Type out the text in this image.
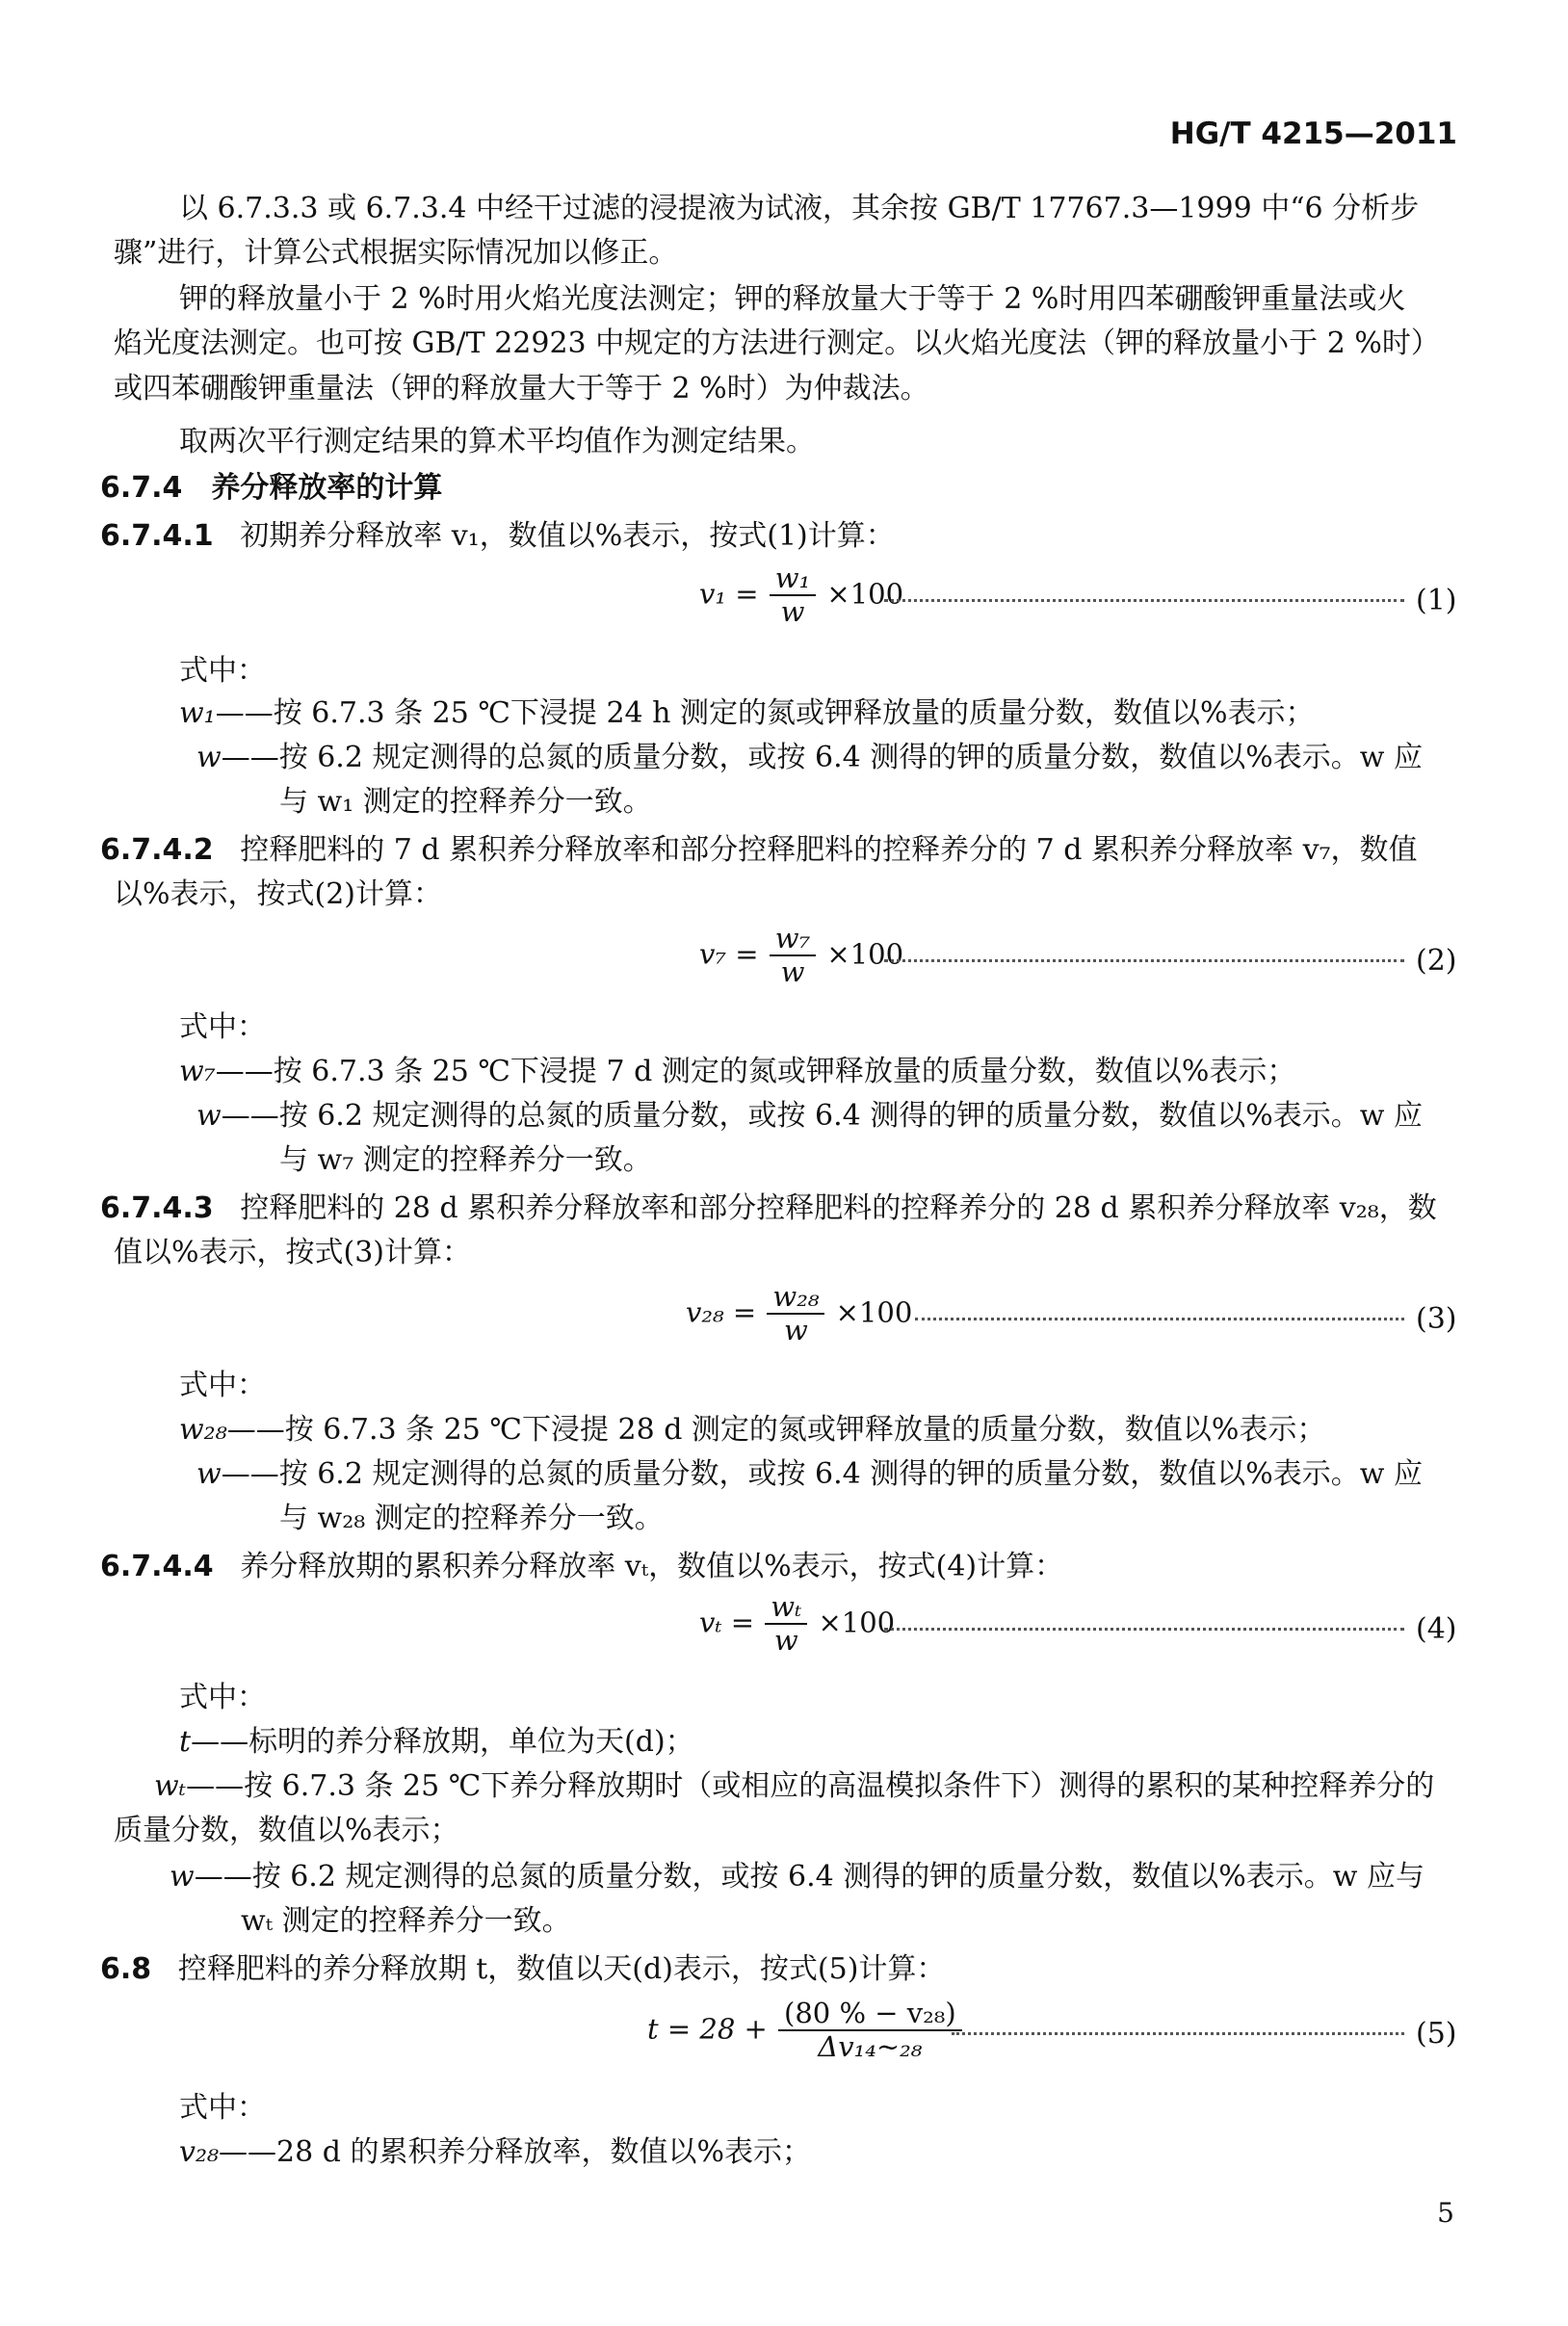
HG/T 4215—2011
以 6.7.3.3 或 6.7.3.4 中经干过滤的浸提液为试液，其余按 GB/T 17767.3—1999 中“6 分析步
骤”进行，计算公式根据实际情况加以修正。
钾的释放量小于 2 %时用火焰光度法测定；钾的释放量大于等于 2 %时用四苯硼酸钾重量法或火
焰光度法测定。也可按 GB/T 22923 中规定的方法进行测定。以火焰光度法（钾的释放量小于 2 %时）
或四苯硼酸钾重量法（钾的释放量大于等于 2 %时）为仲裁法。
取两次平行测定结果的算术平均值作为测定结果。
6.7.4　养分释放率的计算
6.7.4.1 初期养分释放率 v₁，数值以%表示，按式(1)计算：
$v_1 = \frac{\text{w₁}}{w} \times 100$	(1)
式中：
w₁——按 6.7.3 条 25 ℃下浸提 24 h 测定的氮或钾释放量的质量分数，数值以%表示；
w——按 6.2 规定测得的总氮的质量分数，或按 6.4 测得的钾的质量分数，数值以%表示。w 应
与 w₁ 测定的控释养分一致。
6.7.4.2 控释肥料的 7 d 累积养分释放率和部分控释肥料的控释养分的 7 d 累积养分释放率 v₇，数值
以%表示，按式(2)计算：
$v_7 = \frac{\text{w₇}}{w} \times 100$	(2)
式中：
w₇——按 6.7.3 条 25 ℃下浸提 7 d 测定的氮或钾释放量的质量分数，数值以%表示；
w——按 6.2 规定测得的总氮的质量分数，或按 6.4 测得的钾的质量分数，数值以%表示。w 应
与 w₇ 测定的控释养分一致。
6.7.4.3 控释肥料的 28 d 累积养分释放率和部分控释肥料的控释养分的 28 d 累积养分释放率 v₂₈，数
值以%表示，按式(3)计算：
$v_{28} = \frac{\text{w₂₈}}{w} \times 100$	(3)
式中：
w₂₈——按 6.7.3 条 25 ℃下浸提 28 d 测定的氮或钾释放量的质量分数，数值以%表示；
w——按 6.2 规定测得的总氮的质量分数，或按 6.4 测得的钾的质量分数，数值以%表示。w 应
与 w₂₈ 测定的控释养分一致。
6.7.4.4 养分释放期的累积养分释放率 vₜ，数值以%表示，按式(4)计算：
$v_t = \frac{\text{wₜ}}{w} \times 100$	(4)
式中：
t——标明的养分释放期，单位为天(d)；
wₜ——按 6.7.3 条 25 ℃下养分释放期时（或相应的高温模拟条件下）测得的累积的某种控释养分的
质量分数，数值以%表示；
w——按 6.2 规定测得的总氮的质量分数，或按 6.4 测得的钾的质量分数，数值以%表示。w 应与
wₜ 测定的控释养分一致。
6.8 控释肥料的养分释放期 t，数值以天(d)表示，按式(5)计算：
$t = 28 + \frac{\text{(80 \% − v₂₈)}}{\text{Δv₁₄\textasciitilde{}₂₈}}$	(5)
式中：
v₂₈——28 d 的累积养分释放率，数值以%表示；
5
